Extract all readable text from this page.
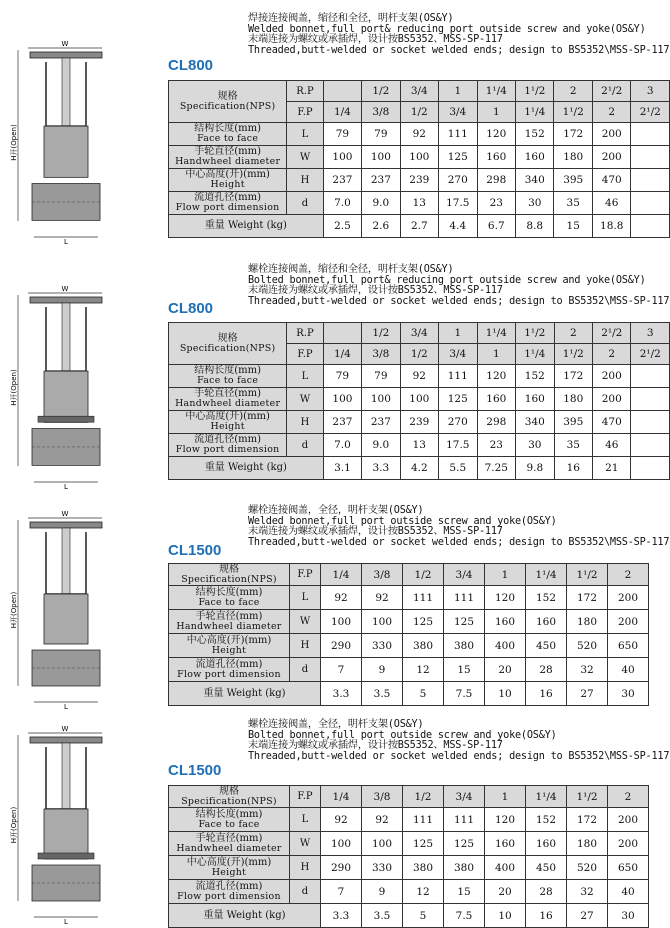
W
H开(Open)
L
焊接连接阀盖，缩径和全径，明杆支架(OS&Y)
Welded bonnet,full port& reducing port outside screw and yoke(OS&Y)
末端连接为螺纹或承插焊，设计按BS5352、MSS-SP-117
Threaded,butt-welded or socket welded ends; design to BS5352\MSS-SP-117
CL800
规格
Specification(NPS)	R.P		1/2	3/4	1	1¹/4	1¹/2	2	2¹/2	3
	F.P	1/4	3/8	1/2	3/4	1	1¹/4	1¹/2	2	2¹/2

结构长度(mm)
Face to face	L	79	79	92	111	120	152	172	200	

手轮直径(mm)
Handwheel diameter	W	100	100	100	125	160	160	180	200	

中心高度(开)(mm)
Height	H	237	237	239	270	298	340	395	470	

流道孔径(mm)
Flow port dimension	d	7.0	9.0	13	17.5	23	30	35	46	
重量 Weight (kg)		2.5	2.6	2.7	4.4	6.7	8.8	15	18.8	
W
H开(Open)
L
螺栓连接阀盖，缩径和全径，明杆支架(OS&Y)
Bolted bonnet,full port& reducing port outside screw and yoke(OS&Y)
末端连接为螺纹或承插焊，设计按BS5352、MSS-SP-117
Threaded,butt-welded or socket welded ends; design to BS5352\MSS-SP-117
CL800
规格
Specification(NPS)	R.P		1/2	3/4	1	1¹/4	1¹/2	2	2¹/2	3
	F.P	1/4	3/8	1/2	3/4	1	1¹/4	1¹/2	2	2¹/2

结构长度(mm)
Face to face	L	79	79	92	111	120	152	172	200	

手轮直径(mm)
Handwheel diameter	W	100	100	100	125	160	160	180	200	

中心高度(开)(mm)
Height	H	237	237	239	270	298	340	395	470	

流道孔径(mm)
Flow port dimension	d	7.0	9.0	13	17.5	23	30	35	46	
重量 Weight (kg)		3.1	3.3	4.2	5.5	7.25	9.8	16	21	
W
H开(Open)
L
螺栓连接阀盖，全径，明杆支架(OS&Y)
Welded bonnet,full port outside screw and yoke(OS&Y)
末端连接为螺纹或承插焊，设计按BS5352、MSS-SP-117
Threaded,butt-welded or socket welded ends; design to BS5352\MSS-SP-117
CL1500
规格
Specification(NPS)	F.P	1/4	3/8	1/2	3/4	1	1¹/4	1¹/2	2

结构长度(mm)
Face to face	L	92	92	111	111	120	152	172	200

手轮直径(mm)
Handwheel diameter	W	100	100	125	125	160	160	180	200

中心高度(开)(mm)
Height	H	290	330	380	380	400	450	520	650

流道孔径(mm)
Flow port dimension	d	7	9	12	15	20	28	32	40
重量 Weight (kg)		3.3	3.5	5	7.5	10	16	27	30
W
H开(Open)
L
螺栓连接阀盖，全径，明杆支架(OS&Y)
Bolted bonnet,full port outside screw and yoke(OS&Y)
末端连接为螺纹或承插焊，设计按BS5352、MSS-SP-117
Threaded,butt-welded or socket welded ends; design to BS5352\MSS-SP-117
CL1500
规格
Specification(NPS)	F.P	1/4	3/8	1/2	3/4	1	1¹/4	1¹/2	2

结构长度(mm)
Face to face	L	92	92	111	111	120	152	172	200

手轮直径(mm)
Handwheel diameter	W	100	100	125	125	160	160	180	200

中心高度(开)(mm)
Height	H	290	330	380	380	400	450	520	650

流道孔径(mm)
Flow port dimension	d	7	9	12	15	20	28	32	40
重量 Weight (kg)		3.3	3.5	5	7.5	10	16	27	30
